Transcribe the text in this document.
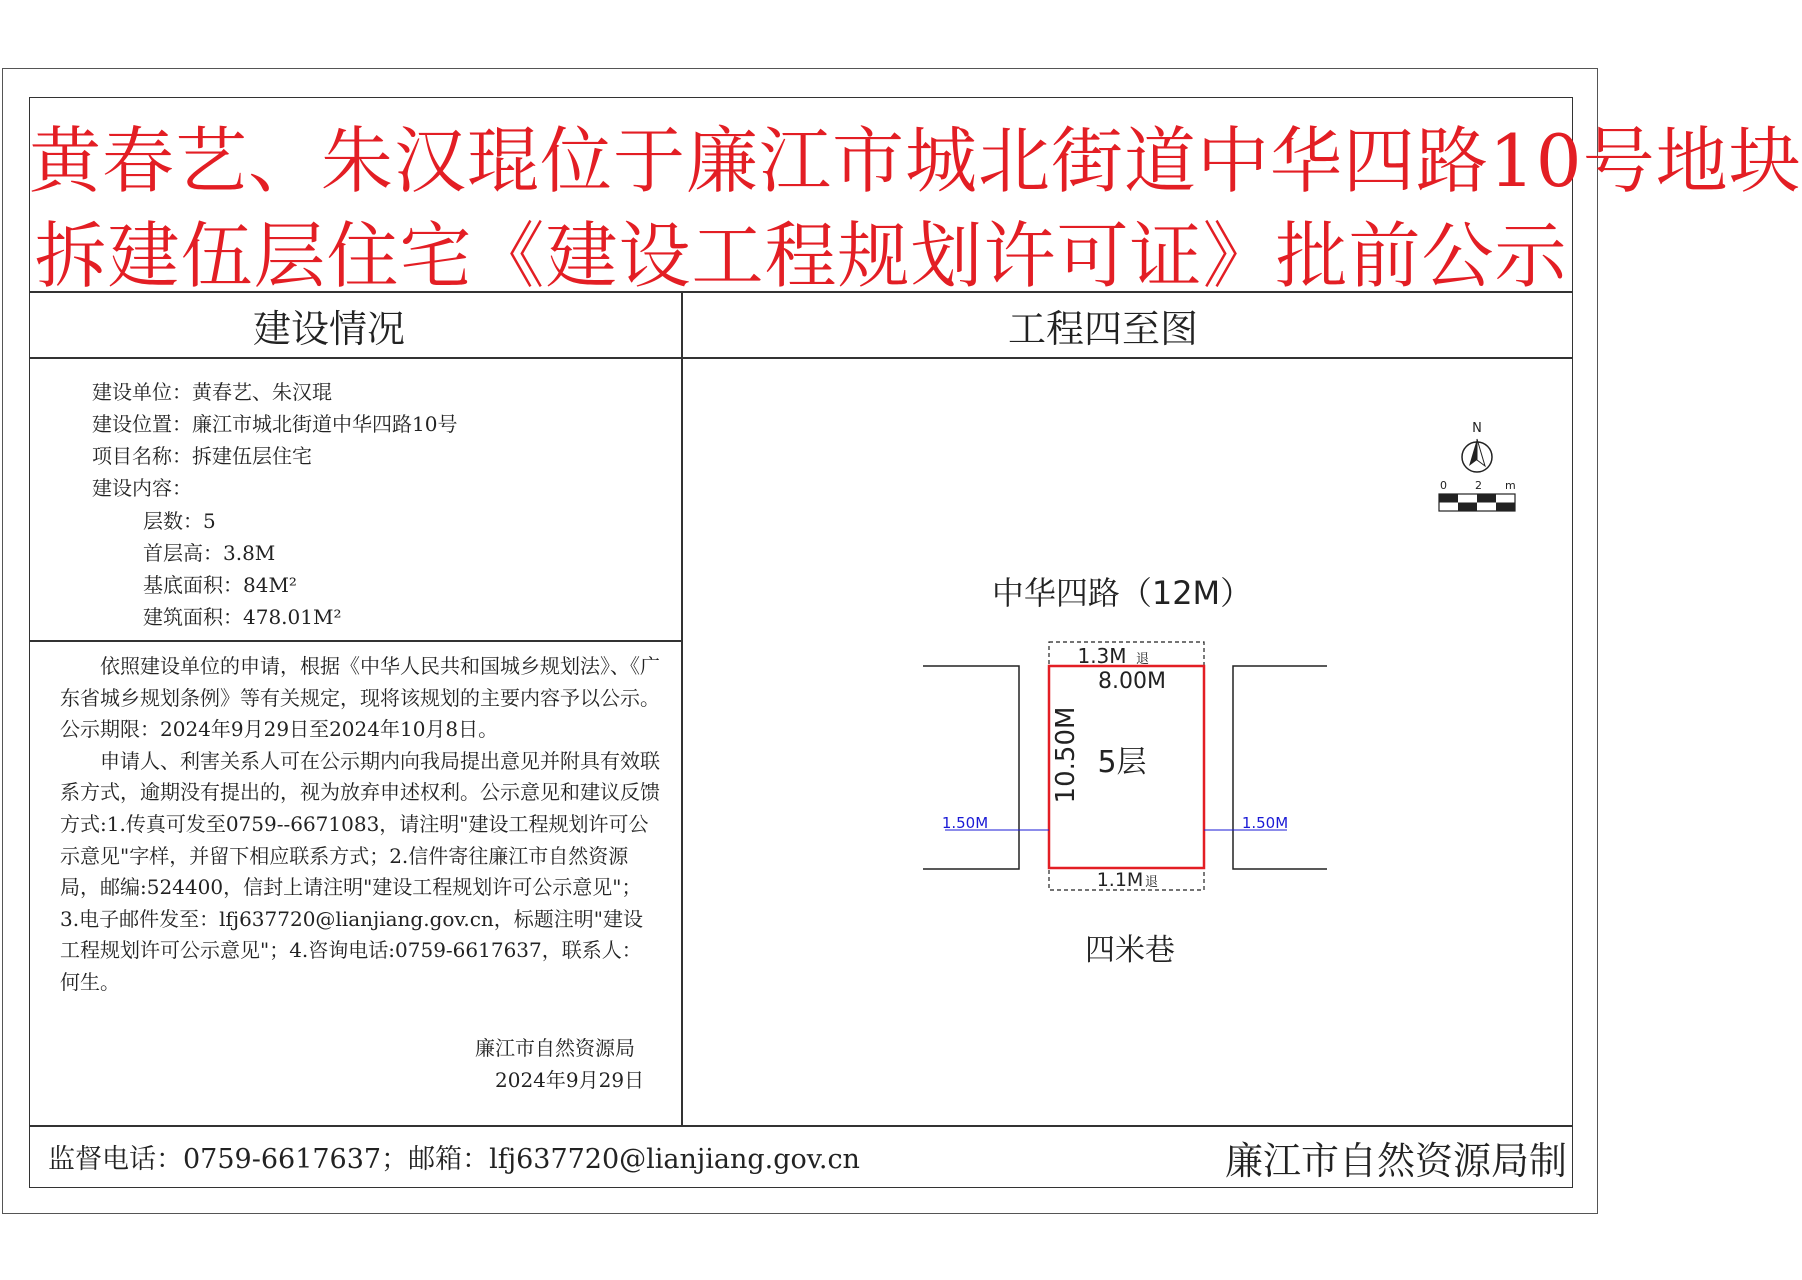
黄春艺、朱汉琨位于廉江市城北街道中华四路10号地块
拆建伍层住宅《建设工程规划许可证》批前公示
建设情况	工程四至图
建设单位：黄春艺、朱汉琨
建设位置：廉江市城北街道中华四路10号
项目名称：拆建伍层住宅
建设内容：
层数：5
首层高：3.8M
基底面积：84M²
建筑面积：478.01M²

依照建设单位的申请，根据《中华人民共和国城乡规划法》、《广东省城乡规划条例》等有关规定，现将该规划的主要内容予以公示。公示期限：2024年9月29日至2024年10月8日。

申请人、利害关系人可在公示期内向我局提出意见并附具有效联系方式，逾期没有提出的，视为放弃申述权利。公示意见和建议反馈方式:1.传真可发至0759--6671083，请注明"建设工程规划许可公示意见"字样，并留下相应联系方式；2.信件寄往廉江市自然资源局，邮编:524400，信封上请注明"建设工程规划许可公示意见"； 3.电子邮件发至：lfj637720@lianjiang.gov.cn，标题注明"建设工程规划许可公示意见"；4.咨询电话:0759-6617637，联系人：何生。

廉江市自然资源局
2024年9月29日
N
0	2 m
中华四路（12M）
1.3M 退
8.00M
10.50M 5层
1.1M 退
1.50M	1.50M
四米巷
监督电话：0759-6617637；邮箱：lfj637720@lianjiang.gov.cn	廉江市自然资源局制
